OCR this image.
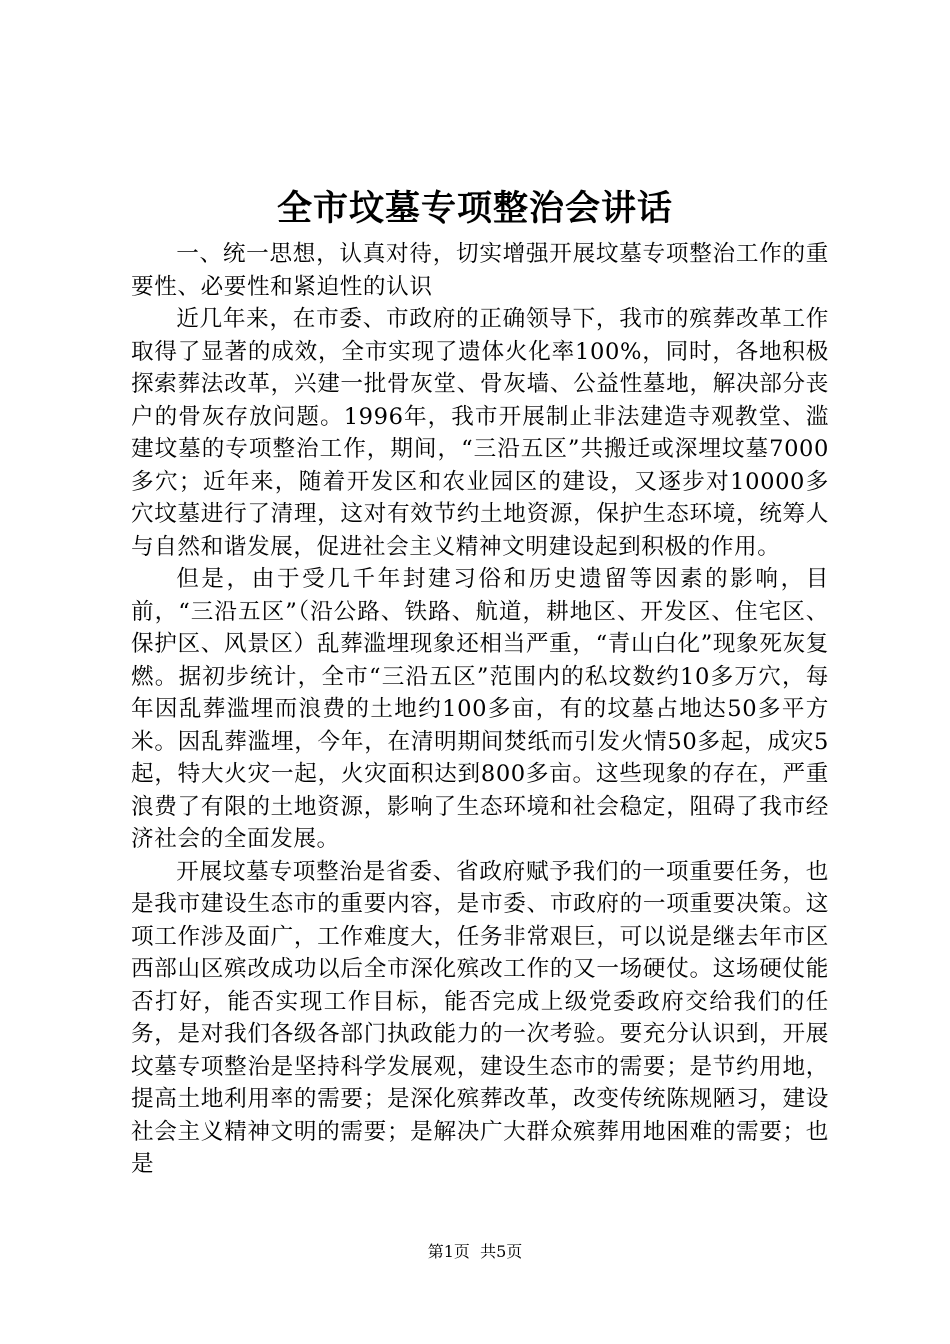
全市坟墓专项整治会讲话

一、统一思想，认真对待，切实增强开展坟墓专项整治工作的重要性、必要性和紧迫性的认识

近几年来，在市委、市政府的正确领导下，我市的殡葬改革工作取得了显著的成效，全市实现了遗体火化率100%，同时，各地积极探索葬法改革，兴建一批骨灰堂、骨灰墙、公益性墓地，解决部分丧户的骨灰存放问题。1996年，我市开展制止非法建造寺观教堂、滥建坟墓的专项整治工作，期间，“三沿五区”共搬迁或深埋坟墓7000多穴；近年来，随着开发区和农业园区的建设，又逐步对10000多穴坟墓进行了清理，这对有效节约土地资源，保护生态环境，统筹人与自然和谐发展，促进社会主义精神文明建设起到积极的作用。

但是，由于受几千年封建习俗和历史遗留等因素的影响，目前，“三沿五区”（沿公路、铁路、航道，耕地区、开发区、住宅区、保护区、风景区）乱葬滥埋现象还相当严重，“青山白化”现象死灰复燃。据初步统计，全市“三沿五区”范围内的私坟数约10多万穴，每年因乱葬滥埋而浪费的土地约100多亩，有的坟墓占地达50多平方米。因乱葬滥埋，今年，在清明期间焚纸而引发火情50多起，成灾5起，特大火灾一起，火灾面积达到800多亩。这些现象的存在，严重浪费了有限的土地资源，影响了生态环境和社会稳定，阻碍了我市经济社会的全面发展。

开展坟墓专项整治是省委、省政府赋予我们的一项重要任务，也是我市建设生态市的重要内容，是市委、市政府的一项重要决策。这项工作涉及面广，工作难度大，任务非常艰巨，可以说是继去年市区西部山区殡改成功以后全市深化殡改工作的又一场硬仗。这场硬仗能否打好，能否实现工作目标，能否完成上级党委政府交给我们的任务，是对我们各级各部门执政能力的一次考验。要充分认识到，开展坟墓专项整治是坚持科学发展观，建设生态市的需要；是节约用地，提高土地利用率的需要；是深化殡葬改革，改变传统陈规陋习，建设社会主义精神文明的需要；是解决广大群众殡葬用地困难的需要；也是

第1页 共5页
